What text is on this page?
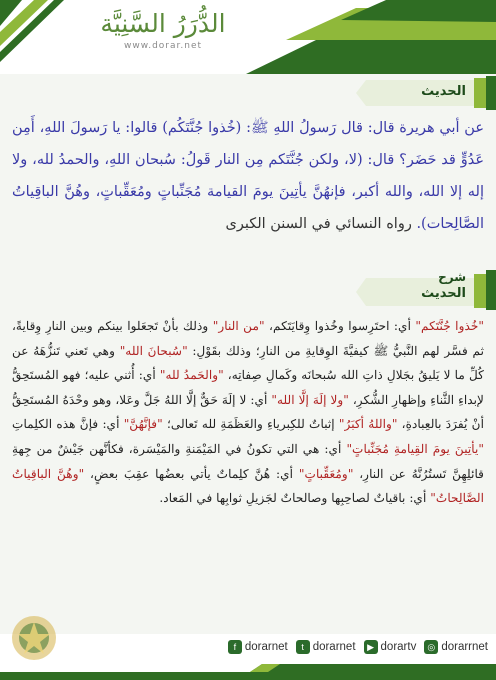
الدُّرَرُ السَّنِيَّة
www.dorar.net
الحديث
عن أبي هريرة قال: قال رَسولُ اللهِ ﷺ: (خُذوا جُنَّتَكُم) قالوا: يا رَسولَ اللهِ، أَمِن عَدُوٍّ قد حَضَر؟ قال: (لا، ولكن جُنَّتَكم مِن النار قَولُ: سُبحان اللهِ، والحمدُ لله، ولا إله إلا الله، والله أكبر، فإنهُنَّ يأتِينَ يومَ القيامة مُجَنِّباتٍ ومُعَقِّباتٍ، وهُنَّ الباقِياتُ الصَّالِحات). رواه النسائي في السنن الكبرى
شرح
الحديث
"خُذوا جُنَّتَكم" أي: احتَرِسوا وخُذوا وِقايَتَكم، "من النار" وذلك بأنْ تَجعَلوا بينكم وبين النارِ وِقايةً، ثم فسَّر لهم النَّبيُّ ﷺ كيفيَّةَ الوِقايةِ من النارِ؛ وذلك بقَوْلِ: "سُبحانَ الله" وهي تَعني تَنزُّهَهُ عن كُلِّ ما لا يَليقُ بجَلالِ ذاتِ الله سُبحانَه وكَمالِ صِفاتِه، "والحَمدُ لله" أي: أُثني عليه؛ فهو المُستَحِقُّ لإبداءِ الثَّناءِ وإظهارِ الشُّكرِ، "ولا إلَهَ إلَّا الله" أي: لا إلَهَ حَقٌّ إلَّا اللهُ جَلَّ وعَلا، وهو وحْدَهُ المُستَحِقُّ أنْ يُفرَدَ بالعِبادةِ، "واللهُ أكبَرُ" إثباتٌ للكِبرياءِ والعَظَمَةِ لله تَعالى؛ "فإنَّهُنَّ" أي: فإنَّ هذه الكلِماتِ "يأتِينَ يومَ القِيامةِ مُجَنِّباتٍ" أي: هي التي تكونُ في المَيْمَنةِ والمَيْسَرة، فكأنَّهن جَيْشٌ من جِهةِ قائلِهِنَّ تَستُرُنَّهُ عن النارِ، "ومُعَقِّباتٍ" أي: هُنَّ كلِماتٌ يأتي بعضُها عقِبَ بعضٍ، "وهُنَّ الباقِياتُ الصَّالِحاتُ" أي: باقياتٌ لصاحِبِها وصالحاتٌ لجَزيلِ ثوابِها في المَعاد.
f dorarnet	t dorarnet	▶ dorartv	◎ dorarrnet
